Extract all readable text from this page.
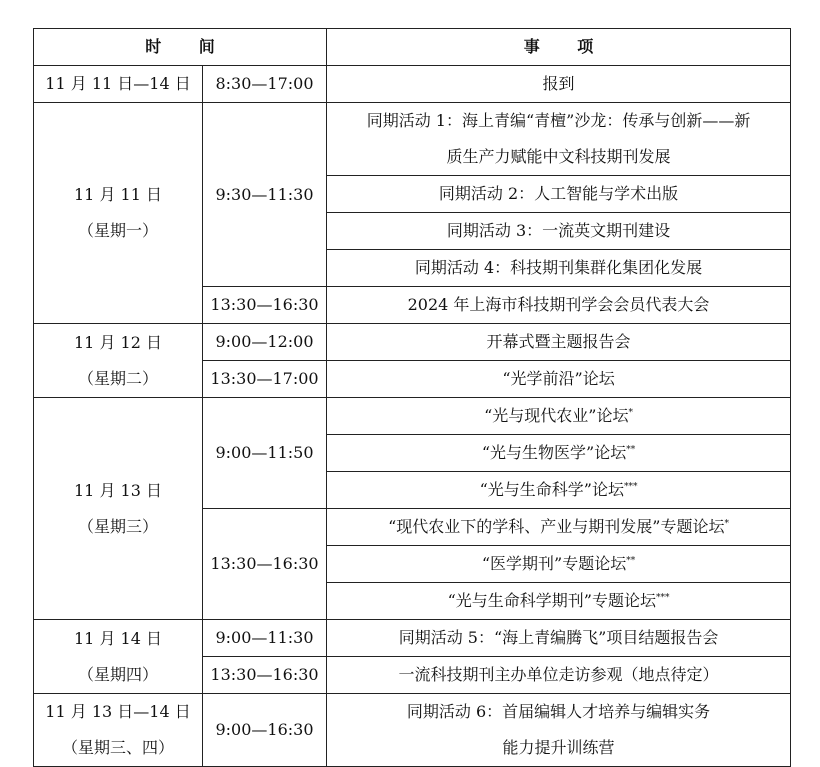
时 间		事 项
11 月 11 日—14 日	8:30—17:00	报到

11 月 11 日
（星期一）	9:30—11:30	同期活动 1：海上青编“青檀”沙龙：传承与创新——新
质生产力赋能中文科技期刊发展

		同期活动 2：人工智能与学术出版
		同期活动 3：一流英文期刊建设
		同期活动 4：科技期刊集群化集团化发展
	13:30—16:30	2024 年上海市科技期刊学会会员代表大会

11 月 12 日
（星期二）	9:00—12:00	开幕式暨主题报告会
	13:30—17:00	“光学前沿”论坛

11 月 13 日
（星期三）	9:00—11:50	“光与现代农业”论坛*
		“光与生物医学”论坛**
		“光与生命科学”论坛***
	13:30—16:30	“现代农业下的学科、产业与期刊发展”专题论坛*
		“医学期刊”专题论坛**
		“光与生命科学期刊”专题论坛***

11 月 14 日
（星期四）	9:00—11:30	同期活动 5：“海上青编腾飞”项目结题报告会
	13:30—16:30	一流科技期刊主办单位走访参观（地点待定）

11 月 13 日—14 日
（星期三、四）	9:00—16:30	同期活动 6：首届编辑人才培养与编辑实务
能力提升训练营
